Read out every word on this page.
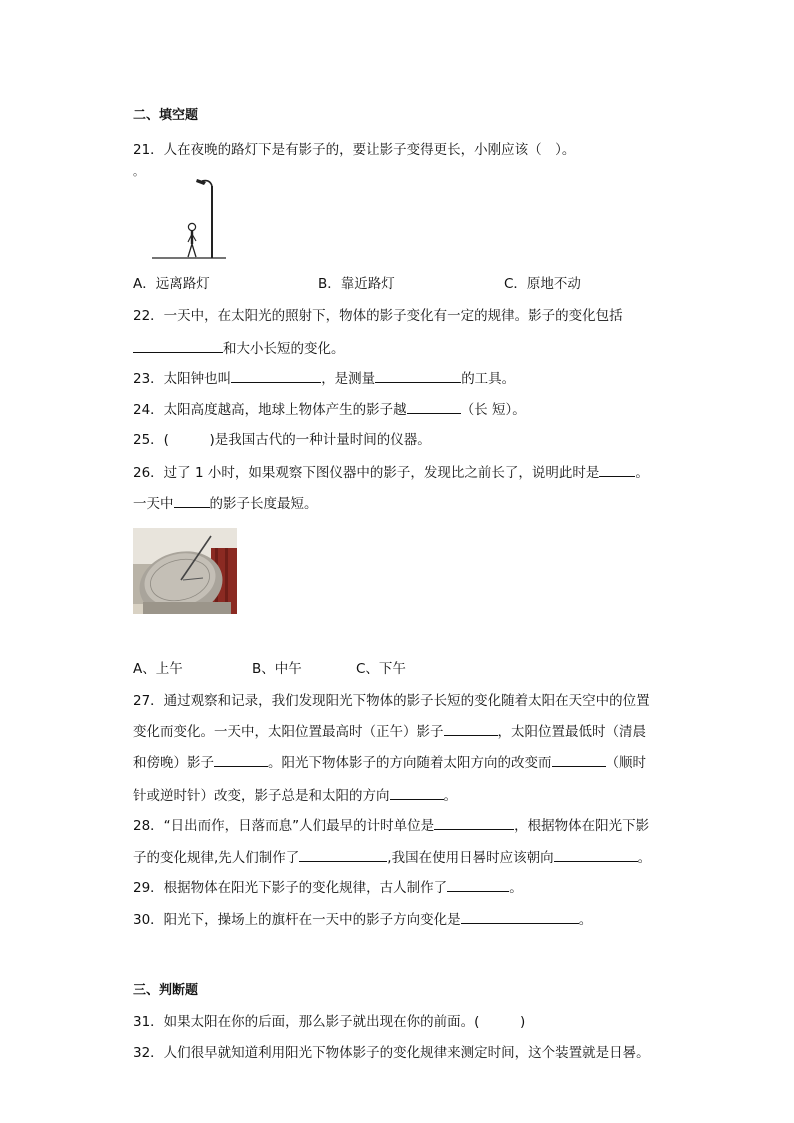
二、填空题
21．人在夜晚的路灯下是有影子的，要让影子变得更长，小刚应该（　）。
。
A．远离路灯	B．靠近路灯	C．原地不动
22．一天中，在太阳光的照射下，物体的影子变化有一定的规律。影子的变化包括
和大小长短的变化。
23．太阳钟也叫	，是测量	的工具。
24．太阳高度越高，地球上物体产生的影子越	（长 短）。
25．(　　　)是我国古代的一种计量时间的仪器。
26．过了 1 小时，如果观察下图仪器中的影子，发现比之前长了，说明此时是	。
一天中	的影子长度最短。
A、上午	B、中午	C、下午
27．通过观察和记录，我们发现阳光下物体的影子长短的变化随着太阳在天空中的位置
变化而变化。一天中，太阳位置最高时（正午）影子	，太阳位置最低时（清晨
和傍晚）影子	。阳光下物体影子的方向随着太阳方向的改变而	（顺时
针或逆时针）改变，影子总是和太阳的方向	。
28．“日出而作，日落而息”人们最早的计时单位是	，根据物体在阳光下影
子的变化规律,先人们制作了	,我国在使用日晷时应该朝向	。
29．根据物体在阳光下影子的变化规律，古人制作了	。
30．阳光下，操场上的旗杆在一天中的影子方向变化是	。
三、判断题
31．如果太阳在你的后面，那么影子就出现在你的前面。(　　　)
32．人们很早就知道利用阳光下物体影子的变化规律来测定时间，这个装置就是日晷。
